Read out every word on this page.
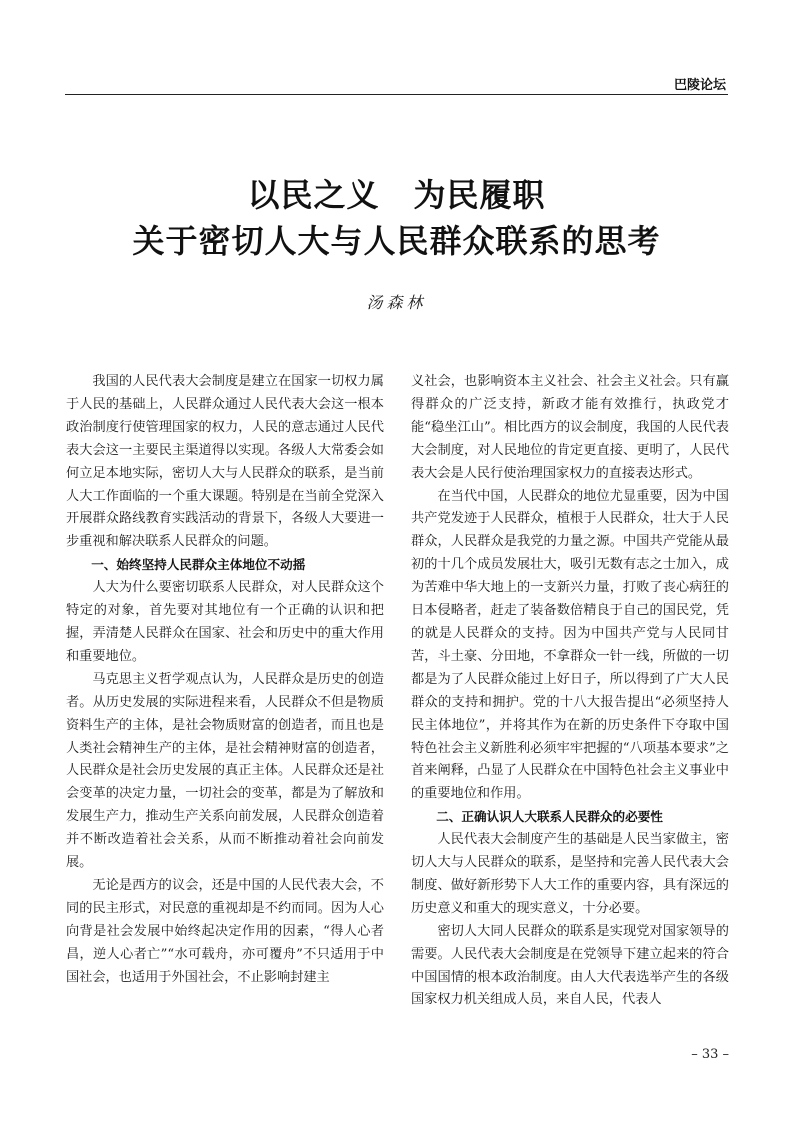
巴陵论坛
以民之义 为民履职
关于密切人大与人民群众联系的思考
汤森林

我国的人民代表大会制度是建立在国家一切权力属于人民的基础上，人民群众通过人民代表大会这一根本政治制度行使管理国家的权力，人民的意志通过人民代表大会这一主要民主渠道得以实现。各级人大常委会如何立足本地实际，密切人大与人民群众的联系，是当前人大工作面临的一个重大课题。特别是在当前全党深入开展群众路线教育实践活动的背景下，各级人大要进一步重视和解决联系人民群众的问题。

一、始终坚持人民群众主体地位不动摇

人大为什么要密切联系人民群众，对人民群众这个特定的对象，首先要对其地位有一个正确的认识和把握，弄清楚人民群众在国家、社会和历史中的重大作用和重要地位。

马克思主义哲学观点认为，人民群众是历史的创造者。从历史发展的实际进程来看，人民群众不但是物质资料生产的主体，是社会物质财富的创造者，而且也是人类社会精神生产的主体，是社会精神财富的创造者，人民群众是社会历史发展的真正主体。人民群众还是社会变革的决定力量，一切社会的变革，都是为了解放和发展生产力，推动生产关系向前发展，人民群众创造着并不断改造着社会关系，从而不断推动着社会向前发展。

无论是西方的议会，还是中国的人民代表大会，不同的民主形式，对民意的重视却是不约而同。因为人心向背是社会发展中始终起决定作用的因素，“得人心者昌，逆人心者亡”“水可载舟，亦可覆舟”不只适用于中国社会，也适用于外国社会，不止影响封建主

义社会，也影响资本主义社会、社会主义社会。只有赢得群众的广泛支持，新政才能有效推行，执政党才能“稳坐江山”。相比西方的议会制度，我国的人民代表大会制度，对人民地位的肯定更直接、更明了，人民代表大会是人民行使治理国家权力的直接表达形式。

在当代中国，人民群众的地位尤显重要，因为中国共产党发迹于人民群众，植根于人民群众，壮大于人民群众，人民群众是我党的力量之源。中国共产党能从最初的十几个成员发展壮大，吸引无数有志之士加入，成为苦难中华大地上的一支新兴力量，打败了丧心病狂的日本侵略者，赶走了装备数倍精良于自己的国民党，凭的就是人民群众的支持。因为中国共产党与人民同甘苦，斗土豪、分田地，不拿群众一针一线，所做的一切都是为了人民群众能过上好日子，所以得到了广大人民群众的支持和拥护。党的十八大报告提出“必须坚持人民主体地位”，并将其作为在新的历史条件下夺取中国特色社会主义新胜利必须牢牢把握的“八项基本要求”之首来阐释，凸显了人民群众在中国特色社会主义事业中的重要地位和作用。

二、正确认识人大联系人民群众的必要性

人民代表大会制度产生的基础是人民当家做主，密切人大与人民群众的联系，是坚持和完善人民代表大会制度、做好新形势下人大工作的重要内容，具有深远的历史意义和重大的现实意义，十分必要。

密切人大同人民群众的联系是实现党对国家领导的需要。人民代表大会制度是在党领导下建立起来的符合中国国情的根本政治制度。由人大代表选举产生的各级国家权力机关组成人员，来自人民，代表人

– 33 –
